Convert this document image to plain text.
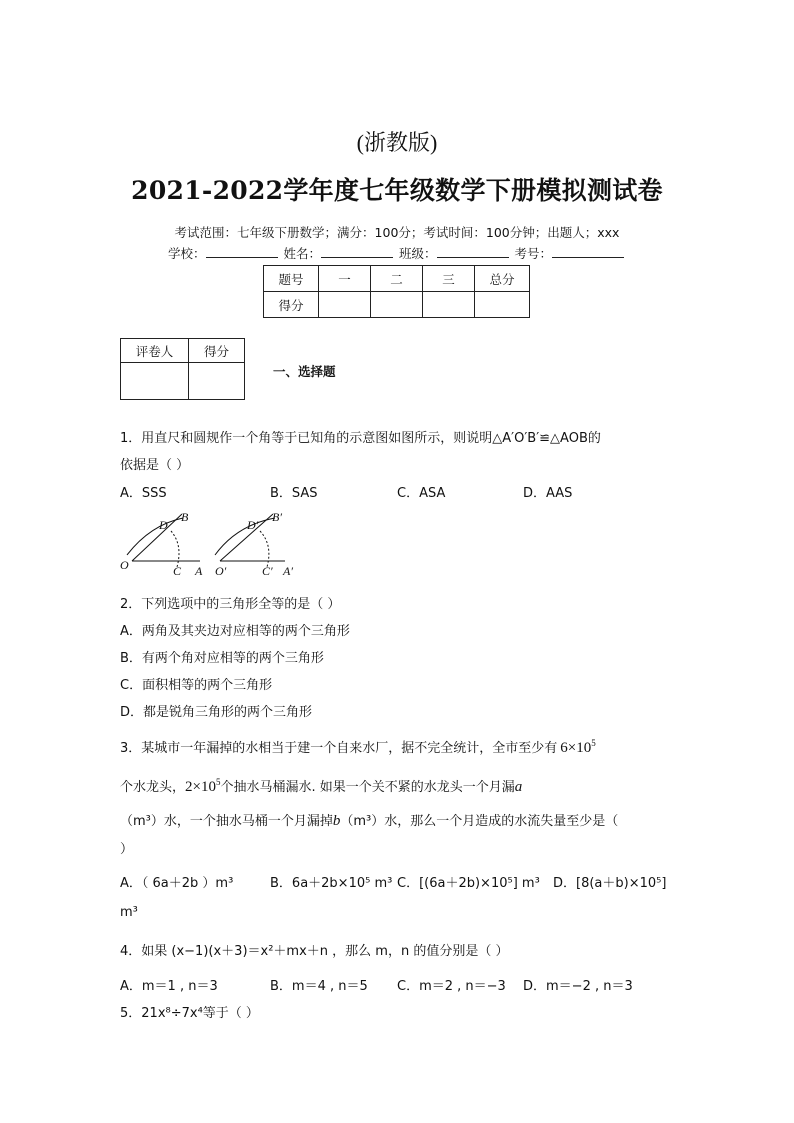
(浙教版)
2021-2022学年度七年级数学下册模拟测试卷
考试范围：七年级下册数学；满分：100分；考试时间：100分钟；出题人；xxx
学校：	姓名：	班级：	考号：
题号	一	二	三	总分
得分				
评卷人	得分

一、选择题
1．用直尺和圆规作一个角等于已知角的示意图如图所示，则说明△A′O′B′≌△AOB的
依据是（ ）
A．SSS	B．SAS	C．ASA	D．AAS
O	C A
D
B
O′	C′ A′
D′
B′
2．下列选项中的三角形全等的是（ ）
A．两角及其夹边对应相等的两个三角形
B．有两个角对应相等的两个三角形
C．面积相等的两个三角形
D．都是锐角三角形的两个三角形
3．某城市一年漏掉的水相当于建一个自来水厂，据不完全统计，全市至少有 $6\times 10^5$
个水龙头，$2\times 10^5$个抽水马桶漏水. 如果一个关不紧的水龙头一个月漏a
（m³）水，一个抽水马桶一个月漏掉b（m³）水，那么一个月造成的水流失量至少是（
）
A．（ 6a＋2b ）m³	B．6a＋2b×10⁵ m³ C．[(6a＋2b)×10⁵] m³ D．[8(a＋b)×10⁵]
m³
4．如果 (x−1)(x＋3)＝x²＋mx＋n ，那么 m，n 的值分别是（ ）
A．m＝1 , n＝3	B．m＝4 , n＝5 C．m＝2 , n＝−3 D．m＝−2 , n＝3
5．21x⁸÷7x⁴等于（ ）
